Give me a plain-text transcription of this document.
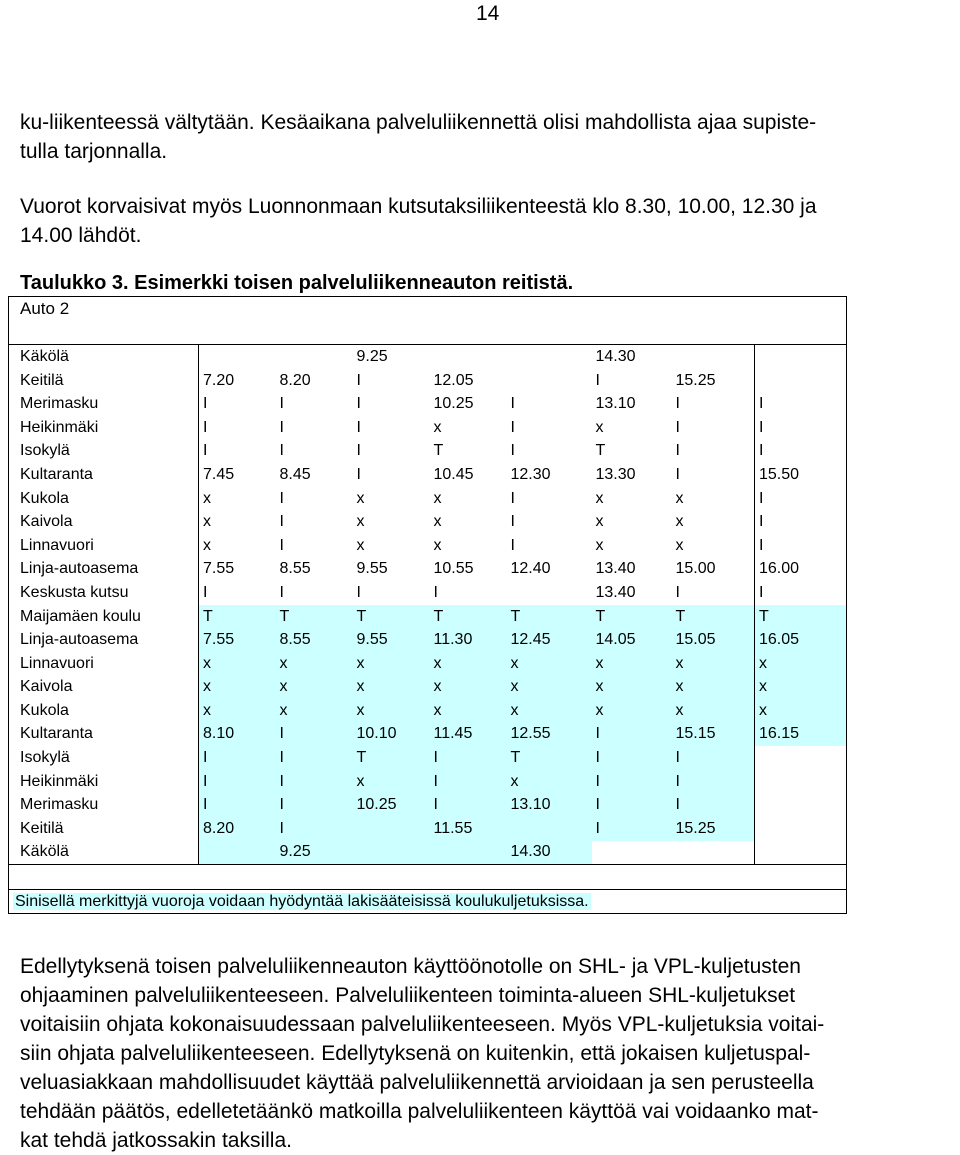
14

ku-liikenteessä vältytään. Kesäaikana palveluliikennettä olisi mahdollista ajaa supiste-
tulla tarjonnalla.

Vuorot korvaisivat myös Luonnonmaan kutsutaksiliikenteestä klo 8.30, 10.00, 12.30 ja
14.00 lähdöt.

Taulukko 3. Esimerkki toisen palveluliikenneauton reitistä.
Auto 2								

Käkölä			9.25			14.30		
Keitilä	7.20	8.20	I	12.05		I	15.25	
Merimasku	I	I	I	10.25	I	13.10	I	I
Heikinmäki	I	I	I	x	I	x	I	I
Isokylä	I	I	I	T	I	T	I	I
Kultaranta	7.45	8.45	I	10.45	12.30	13.30	I	15.50
Kukola	x	I	x	x	I	x	x	I
Kaivola	x	I	x	x	I	x	x	I
Linnavuori	x	I	x	x	I	x	x	I
Linja-autoasema	7.55	8.55	9.55	10.55	12.40	13.40	15.00	16.00
Keskusta kutsu	I	I	I	I		13.40	I	I
Maijamäen koulu	T	T	T	T	T	T	T	T
Linja-autoasema	7.55	8.55	9.55	11.30	12.45	14.05	15.05	16.05
Linnavuori	x	x	x	x	x	x	x	x
Kaivola	x	x	x	x	x	x	x	x
Kukola	x	x	x	x	x	x	x	x
Kultaranta	8.10	I	10.10	11.45	12.55	I	15.15	16.15
Isokylä	I	I	T	I	T	I	I	
Heikinmäki	I	I	x	I	x	I	I	
Merimasku	I	I	10.25	I	13.10	I	I	
Keitilä	8.20	I		11.55		I	15.25	
Käkölä		9.25			14.30			

Sinisellä merkittyjä vuoroja voidaan hyödyntää lakisääteisissä koulukuljetuksissa.								

Edellytyksenä toisen palveluliikenneauton käyttöönotolle on SHL- ja VPL-kuljetusten
ohjaaminen palveluliikenteeseen. Palveluliikenteen toiminta-alueen SHL-kuljetukset
voitaisiin ohjata kokonaisuudessaan palveluliikenteeseen. Myös VPL-kuljetuksia voitai-
siin ohjata palveluliikenteeseen. Edellytyksenä on kuitenkin, että jokaisen kuljetuspal-
veluasiakkaan mahdollisuudet käyttää palveluliikennettä arvioidaan ja sen perusteella
tehdään päätös, edelletetäänkö matkoilla palveluliikenteen käyttöä vai voidaanko mat-
kat tehdä jatkossakin taksilla.
